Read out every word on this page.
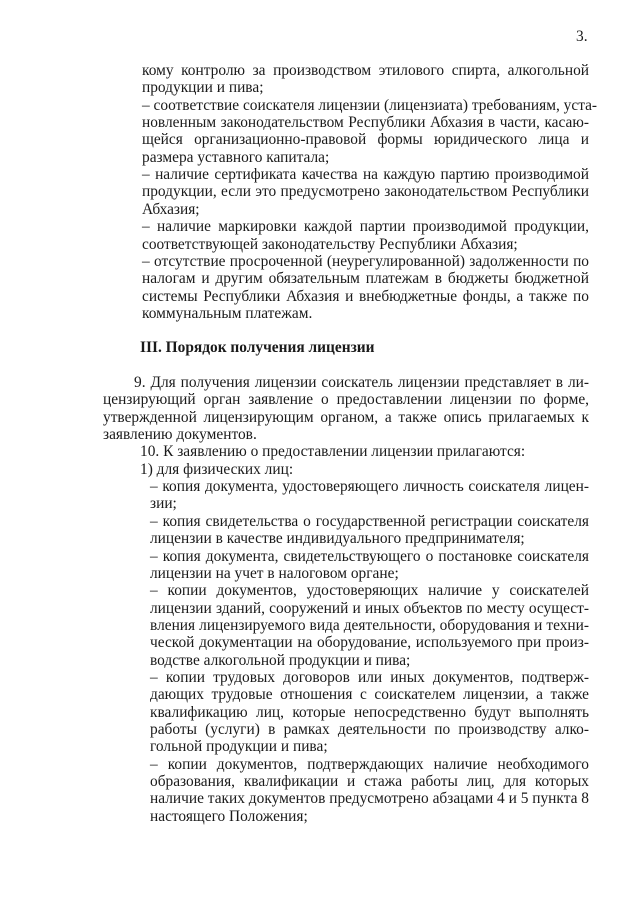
3.
кому контролю за производством этилового спирта, алкогольной
продукции и пива;
– соответствие соискателя лицензии (лицензиата) требованиям, уста-
новленным законодательством Республики Абхазия в части, касаю-
щейся организационно-правовой формы юридического лица и
размера уставного капитала;
– наличие сертификата качества на каждую партию производимой
продукции, если это предусмотрено законодательством Республики
Абхазия;
– наличие маркировки каждой партии производимой продукции,
соответствующей законодательству Республики Абхазия;
– отсутствие просроченной (неурегулированной) задолженности по
налогам и другим обязательным платежам в бюджеты бюджетной
системы Республики Абхазия и внебюджетные фонды, а также по
коммунальным платежам.
III. Порядок получения лицензии
9. Для получения лицензии соискатель лицензии представляет в ли-
цензирующий орган заявление о предоставлении лицензии по форме,
утвержденной лицензирующим органом, а также опись прилагаемых к
заявлению документов.
10. К заявлению о предоставлении лицензии прилагаются:
1) для физических лиц:
– копия документа, удостоверяющего личность соискателя лицен-
зии;
– копия свидетельства о государственной регистрации соискателя
лицензии в качестве индивидуального предпринимателя;
– копия документа, свидетельствующего о постановке соискателя
лицензии на учет в налоговом органе;
– копии документов, удостоверяющих наличие у соискателей
лицензии зданий, сооружений и иных объектов по месту осущест-
вления лицензируемого вида деятельности, оборудования и техни-
ческой документации на оборудование, используемого при произ-
водстве алкогольной продукции и пива;
– копии трудовых договоров или иных документов, подтверж-
дающих трудовые отношения с соискателем лицензии, а также
квалификацию лиц, которые непосредственно будут выполнять
работы (услуги) в рамках деятельности по производству алко-
гольной продукции и пива;
– копии документов, подтверждающих наличие необходимого
образования, квалификации и стажа работы лиц, для которых
наличие таких документов предусмотрено абзацами 4 и 5 пункта 8
настоящего Положения;
